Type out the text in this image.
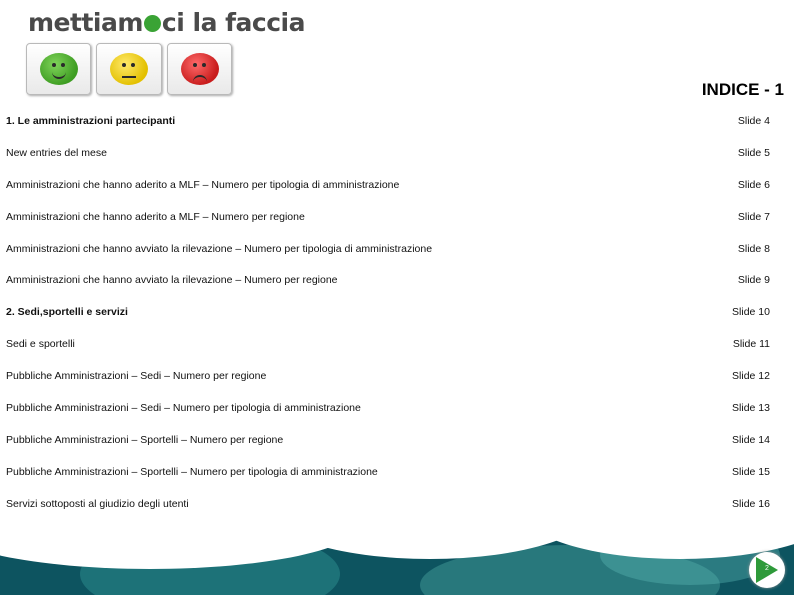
mettiam ci la faccia
INDICE - 1
1. Le amministrazioni partecipanti	Slide 4
New entries del mese	Slide 5
Amministrazioni che hanno aderito a MLF – Numero per tipologia di amministrazione	Slide 6
Amministrazioni che hanno aderito a MLF – Numero per regione	Slide 7
Amministrazioni che hanno avviato la rilevazione – Numero per tipologia di amministrazione	Slide 8
Amministrazioni che hanno avviato la rilevazione – Numero per regione	Slide 9
2. Sedi,sportelli e servizi	Slide 10
Sedi e sportelli	Slide 11
Pubbliche Amministrazioni – Sedi – Numero per regione	Slide 12
Pubbliche Amministrazioni – Sedi – Numero per tipologia di amministrazione	Slide 13
Pubbliche Amministrazioni – Sportelli – Numero per regione	Slide 14
Pubbliche Amministrazioni – Sportelli – Numero per tipologia di amministrazione	Slide 15
Servizi sottoposti al giudizio degli utenti	Slide 16
2
